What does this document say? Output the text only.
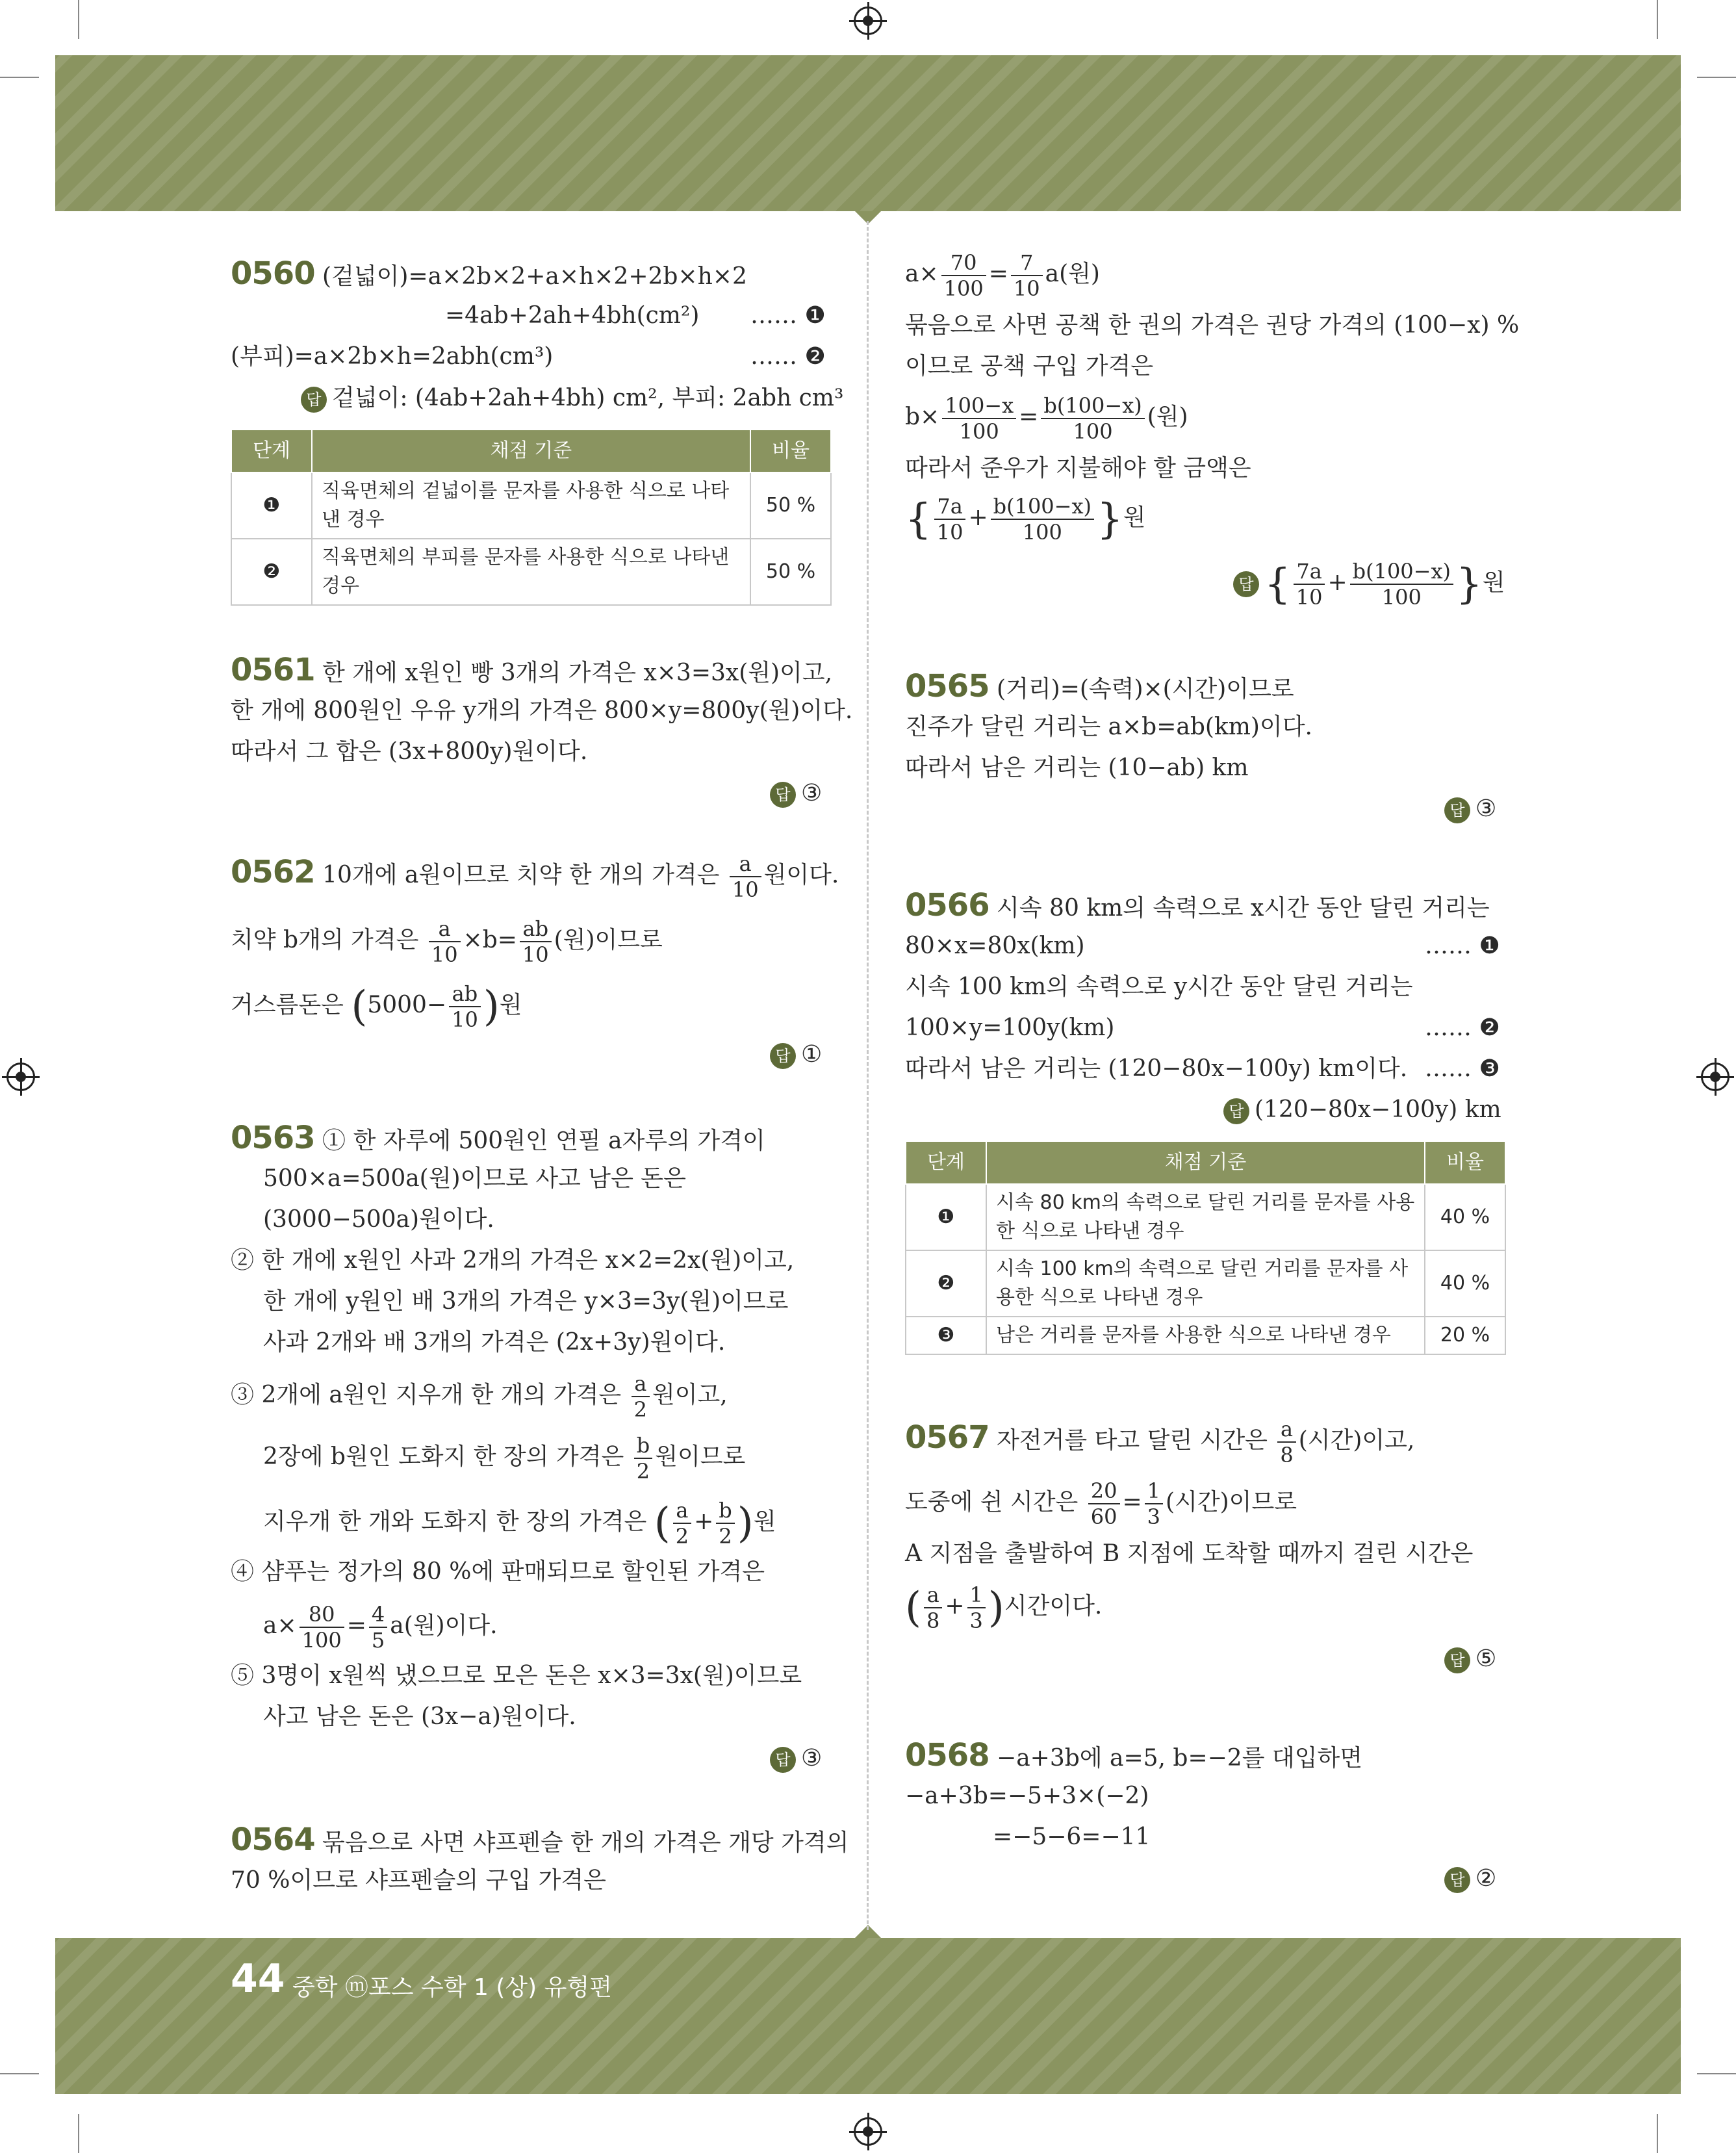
0560 (겉넓이)=a×2b×2+a×h×2+2b×h×2
=4ab+2ah+4bh(cm²) …… ❶
(부피)=a×2b×h=2abh(cm³)	…… ❷
답 겉넓이: (4ab+2ah+4bh) cm², 부피: 2abh cm³
단계	채점 기준	비율
❶	직육면체의 겉넓이를 문자를 사용한 식으로 나타낸 경우	50 %
❷	직육면체의 부피를 문자를 사용한 식으로 나타낸 경우	50 %
0561 한 개에 x원인 빵 3개의 가격은 x×3=3x(원)이고,
한 개에 800원인 우유 y개의 가격은 800×y=800y(원)이다.
따라서 그 합은 (3x+800y)원이다.
답 ③
0562 10개에 a원이므로 치약 한 개의 가격은 $\frac{a}{10}$ 원이다.
치약 b개의 가격은 $\frac{a}{10} \times b= \frac{ab}{10}$ (원)이므로
거스름돈은 ($5000- \frac{ab}{10}$ )원
답 ①
0563 ① 한 자루에 500원인 연필 a자루의 가격이
500×a=500a(원)이므로 사고 남은 돈은
(3000−500a)원이다.
② 한 개에 x원인 사과 2개의 가격은 x×2=2x(원)이고,
한 개에 y원인 배 3개의 가격은 y×3=3y(원)이므로
사과 2개와 배 3개의 가격은 (2x+3y)원이다.
③ 2개에 a원인 지우개 한 개의 가격은 $\frac{a}{2}$ 원이고,
2장에 b원인 도화지 한 장의 가격은 $\frac{b}{2}$ 원이므로
지우개 한 개와 도화지 한 장의 가격은 ( $\frac{a}{2} + \frac{b}{2}$ )원
④ 샴푸는 정가의 80 %에 판매되므로 할인된 가격은
$a\times \frac{80}{100} = \frac{4}{5} a$(원)이다.
⑤ 3명이 x원씩 냈으므로 모은 돈은 x×3=3x(원)이므로
사고 남은 돈은 (3x−a)원이다.
답 ③
0564 묶음으로 사면 샤프펜슬 한 개의 가격은 개당 가격의
70 %이므로 샤프펜슬의 구입 가격은
$a\times \frac{70}{100} = \frac{7}{10} a$(원)
묶음으로 사면 공책 한 권의 가격은 권당 가격의 (100−x) %
이므로 공책 구입 가격은
$b\times \frac{100-x}{100} = \frac{b(100-x)}{100}$ (원)
따라서 준우가 지불해야 할 금액은
{ $\frac{7a}{10} + \frac{b(100-x)}{100}$ }원
답 { $\frac{7a}{10} + \frac{b(100-x)}{100}$ }원
0565 (거리)=(속력)×(시간)이므로
진주가 달린 거리는 a×b=ab(km)이다.
따라서 남은 거리는 (10−ab) km
답 ③
0566 시속 80 km의 속력으로 x시간 동안 달린 거리는
80×x=80x(km)	…… ❶
시속 100 km의 속력으로 y시간 동안 달린 거리는
100×y=100y(km)	…… ❷
따라서 남은 거리는 (120−80x−100y) km이다. …… ❸
답 (120−80x−100y) km
단계	채점 기준	비율
❶	시속 80 km의 속력으로 달린 거리를 문자를 사용한 식으로 나타낸 경우	40 %
❷	시속 100 km의 속력으로 달린 거리를 문자를 사용한 식으로 나타낸 경우	40 %
❸	남은 거리를 문자를 사용한 식으로 나타낸 경우	20 %
0567 자전거를 타고 달린 시간은 $\frac{a}{8}$ (시간)이고,
도중에 쉰 시간은 $\frac{20}{60} = \frac{1}{3}$ (시간)이므로
A 지점을 출발하여 B 지점에 도착할 때까지 걸린 시간은
( $\frac{a}{8} + \frac{1}{3}$ )시간이다.
답 ⑤
0568 −a+3b에 a=5, b=−2를 대입하면
−a+3b=−5+3×(−2)
=−5−6=−11
답 ②
44 중학 ⓜ포스 수학 1 (상) 유형편
